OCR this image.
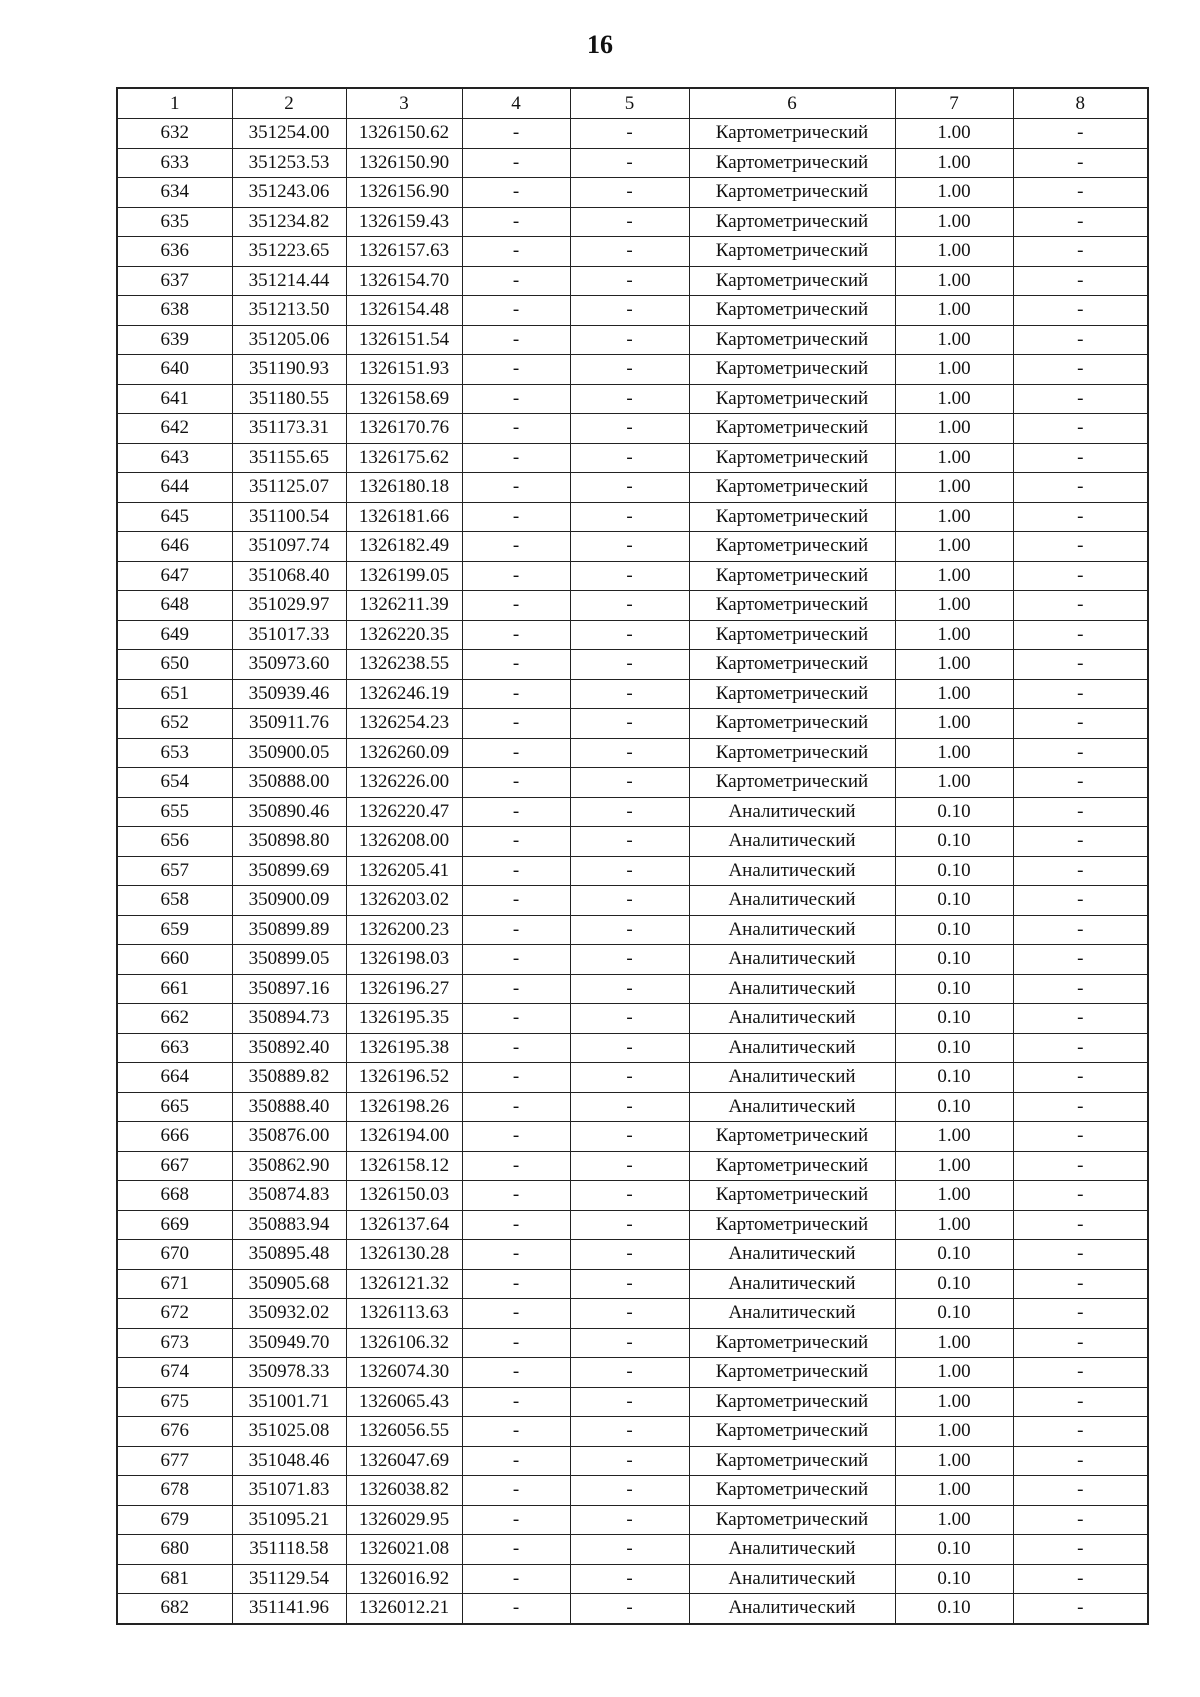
16
1	2	3	4	5	6	7	8
632	351254.00	1326150.62	-	-	Картометрический	1.00	-
633	351253.53	1326150.90	-	-	Картометрический	1.00	-
634	351243.06	1326156.90	-	-	Картометрический	1.00	-
635	351234.82	1326159.43	-	-	Картометрический	1.00	-
636	351223.65	1326157.63	-	-	Картометрический	1.00	-
637	351214.44	1326154.70	-	-	Картометрический	1.00	-
638	351213.50	1326154.48	-	-	Картометрический	1.00	-
639	351205.06	1326151.54	-	-	Картометрический	1.00	-
640	351190.93	1326151.93	-	-	Картометрический	1.00	-
641	351180.55	1326158.69	-	-	Картометрический	1.00	-
642	351173.31	1326170.76	-	-	Картометрический	1.00	-
643	351155.65	1326175.62	-	-	Картометрический	1.00	-
644	351125.07	1326180.18	-	-	Картометрический	1.00	-
645	351100.54	1326181.66	-	-	Картометрический	1.00	-
646	351097.74	1326182.49	-	-	Картометрический	1.00	-
647	351068.40	1326199.05	-	-	Картометрический	1.00	-
648	351029.97	1326211.39	-	-	Картометрический	1.00	-
649	351017.33	1326220.35	-	-	Картометрический	1.00	-
650	350973.60	1326238.55	-	-	Картометрический	1.00	-
651	350939.46	1326246.19	-	-	Картометрический	1.00	-
652	350911.76	1326254.23	-	-	Картометрический	1.00	-
653	350900.05	1326260.09	-	-	Картометрический	1.00	-
654	350888.00	1326226.00	-	-	Картометрический	1.00	-
655	350890.46	1326220.47	-	-	Аналитический	0.10	-
656	350898.80	1326208.00	-	-	Аналитический	0.10	-
657	350899.69	1326205.41	-	-	Аналитический	0.10	-
658	350900.09	1326203.02	-	-	Аналитический	0.10	-
659	350899.89	1326200.23	-	-	Аналитический	0.10	-
660	350899.05	1326198.03	-	-	Аналитический	0.10	-
661	350897.16	1326196.27	-	-	Аналитический	0.10	-
662	350894.73	1326195.35	-	-	Аналитический	0.10	-
663	350892.40	1326195.38	-	-	Аналитический	0.10	-
664	350889.82	1326196.52	-	-	Аналитический	0.10	-
665	350888.40	1326198.26	-	-	Аналитический	0.10	-
666	350876.00	1326194.00	-	-	Картометрический	1.00	-
667	350862.90	1326158.12	-	-	Картометрический	1.00	-
668	350874.83	1326150.03	-	-	Картометрический	1.00	-
669	350883.94	1326137.64	-	-	Картометрический	1.00	-
670	350895.48	1326130.28	-	-	Аналитический	0.10	-
671	350905.68	1326121.32	-	-	Аналитический	0.10	-
672	350932.02	1326113.63	-	-	Аналитический	0.10	-
673	350949.70	1326106.32	-	-	Картометрический	1.00	-
674	350978.33	1326074.30	-	-	Картометрический	1.00	-
675	351001.71	1326065.43	-	-	Картометрический	1.00	-
676	351025.08	1326056.55	-	-	Картометрический	1.00	-
677	351048.46	1326047.69	-	-	Картометрический	1.00	-
678	351071.83	1326038.82	-	-	Картометрический	1.00	-
679	351095.21	1326029.95	-	-	Картометрический	1.00	-
680	351118.58	1326021.08	-	-	Аналитический	0.10	-
681	351129.54	1326016.92	-	-	Аналитический	0.10	-
682	351141.96	1326012.21	-	-	Аналитический	0.10	-
